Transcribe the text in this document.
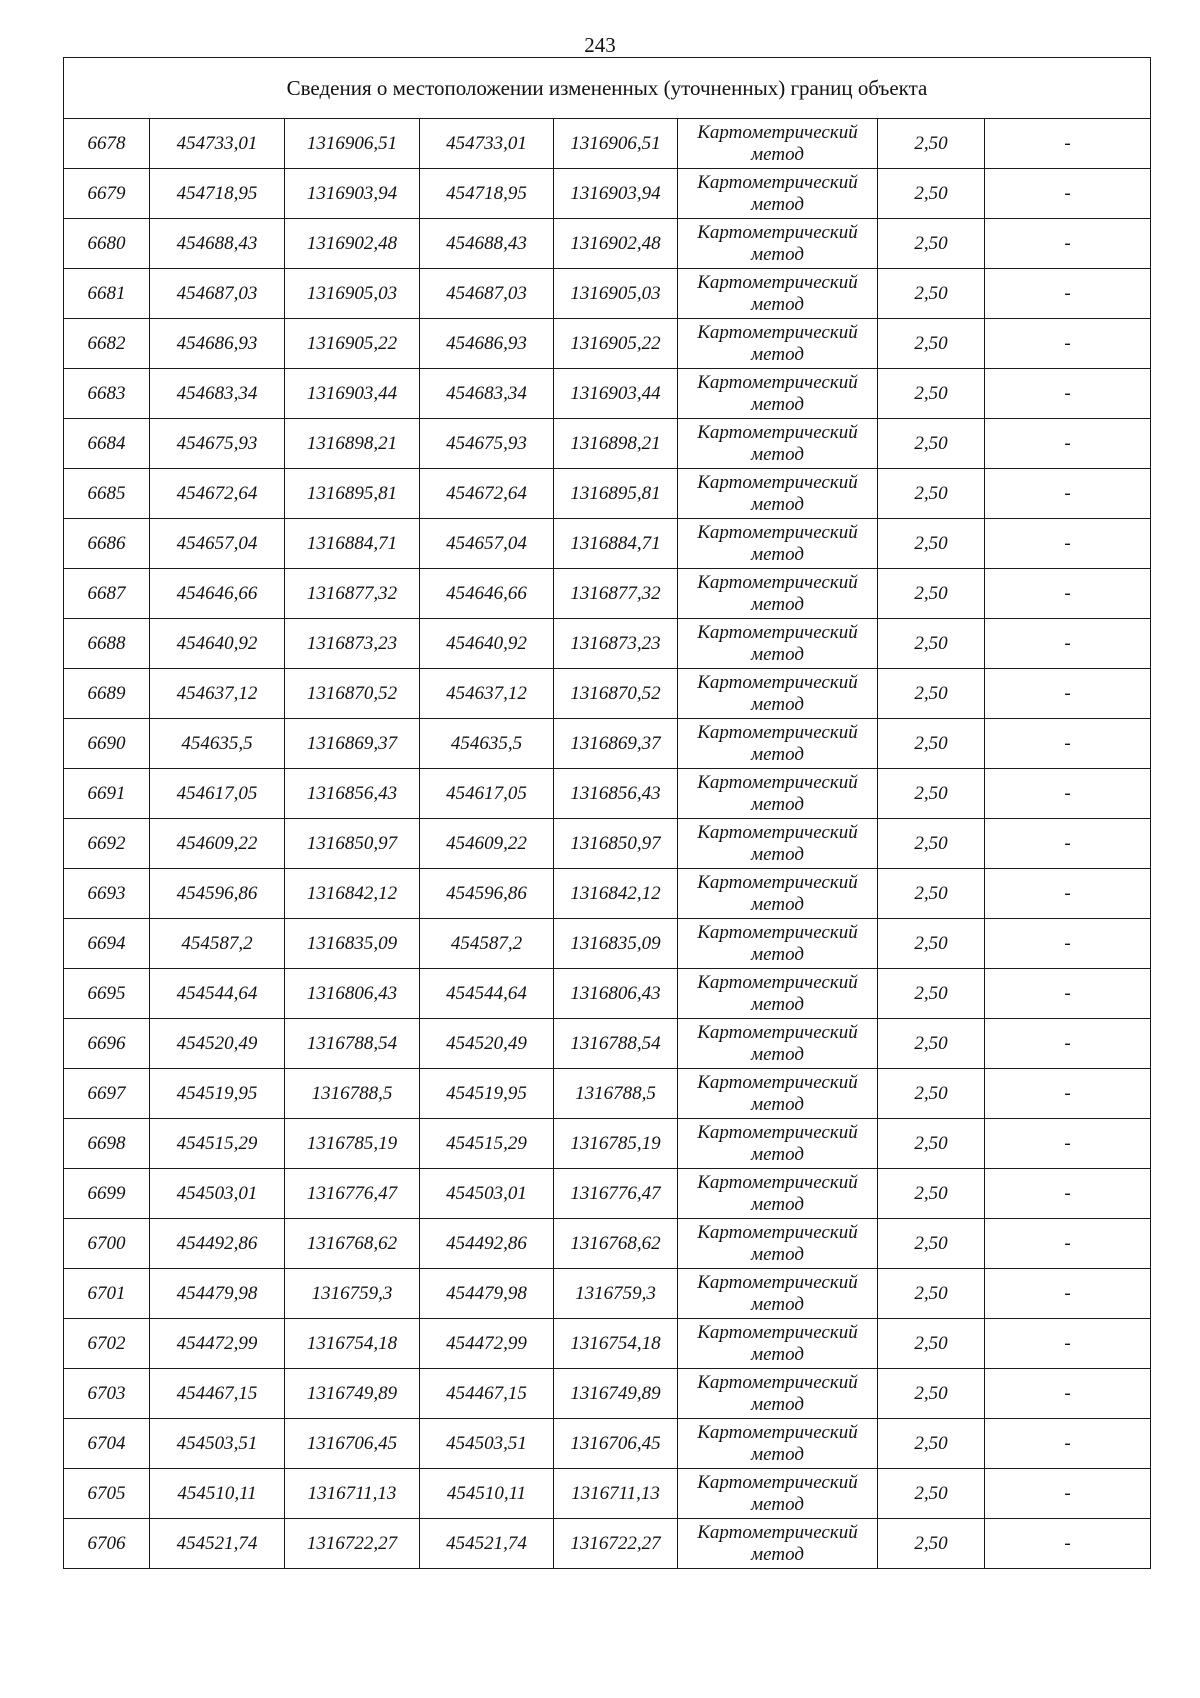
243
Сведения о местоположении измененных (уточненных) границ объекта							
6678	454733,01	1316906,51	454733,01	1316906,51	Картометрический
метод	2,50	-
6679	454718,95	1316903,94	454718,95	1316903,94	Картометрический
метод	2,50	-
6680	454688,43	1316902,48	454688,43	1316902,48	Картометрический
метод	2,50	-
6681	454687,03	1316905,03	454687,03	1316905,03	Картометрический
метод	2,50	-
6682	454686,93	1316905,22	454686,93	1316905,22	Картометрический
метод	2,50	-
6683	454683,34	1316903,44	454683,34	1316903,44	Картометрический
метод	2,50	-
6684	454675,93	1316898,21	454675,93	1316898,21	Картометрический
метод	2,50	-
6685	454672,64	1316895,81	454672,64	1316895,81	Картометрический
метод	2,50	-
6686	454657,04	1316884,71	454657,04	1316884,71	Картометрический
метод	2,50	-
6687	454646,66	1316877,32	454646,66	1316877,32	Картометрический
метод	2,50	-
6688	454640,92	1316873,23	454640,92	1316873,23	Картометрический
метод	2,50	-
6689	454637,12	1316870,52	454637,12	1316870,52	Картометрический
метод	2,50	-
6690	454635,5	1316869,37	454635,5	1316869,37	Картометрический
метод	2,50	-
6691	454617,05	1316856,43	454617,05	1316856,43	Картометрический
метод	2,50	-
6692	454609,22	1316850,97	454609,22	1316850,97	Картометрический
метод	2,50	-
6693	454596,86	1316842,12	454596,86	1316842,12	Картометрический
метод	2,50	-
6694	454587,2	1316835,09	454587,2	1316835,09	Картометрический
метод	2,50	-
6695	454544,64	1316806,43	454544,64	1316806,43	Картометрический
метод	2,50	-
6696	454520,49	1316788,54	454520,49	1316788,54	Картометрический
метод	2,50	-
6697	454519,95	1316788,5	454519,95	1316788,5	Картометрический
метод	2,50	-
6698	454515,29	1316785,19	454515,29	1316785,19	Картометрический
метод	2,50	-
6699	454503,01	1316776,47	454503,01	1316776,47	Картометрический
метод	2,50	-
6700	454492,86	1316768,62	454492,86	1316768,62	Картометрический
метод	2,50	-
6701	454479,98	1316759,3	454479,98	1316759,3	Картометрический
метод	2,50	-
6702	454472,99	1316754,18	454472,99	1316754,18	Картометрический
метод	2,50	-
6703	454467,15	1316749,89	454467,15	1316749,89	Картометрический
метод	2,50	-
6704	454503,51	1316706,45	454503,51	1316706,45	Картометрический
метод	2,50	-
6705	454510,11	1316711,13	454510,11	1316711,13	Картометрический
метод	2,50	-
6706	454521,74	1316722,27	454521,74	1316722,27	Картометрический
метод	2,50	-
